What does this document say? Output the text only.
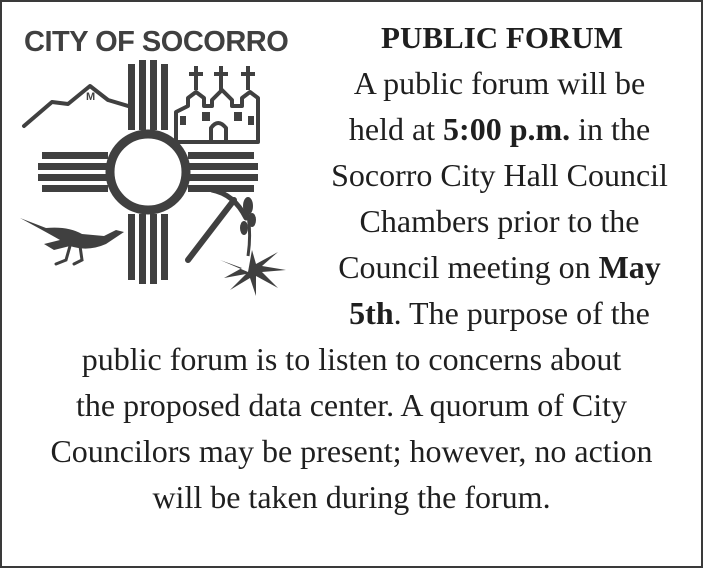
CITY OF SOCORRO
M
PUBLIC FORUM

A public forum will be

held at 5:00 p.m. in the

Socorro City Hall Council

Chambers prior to the

Council meeting on May

5th. The purpose of the

public forum is to listen to concerns about

the proposed data center. A quorum of City

Councilors may be present; however, no action

will be taken during the forum.
